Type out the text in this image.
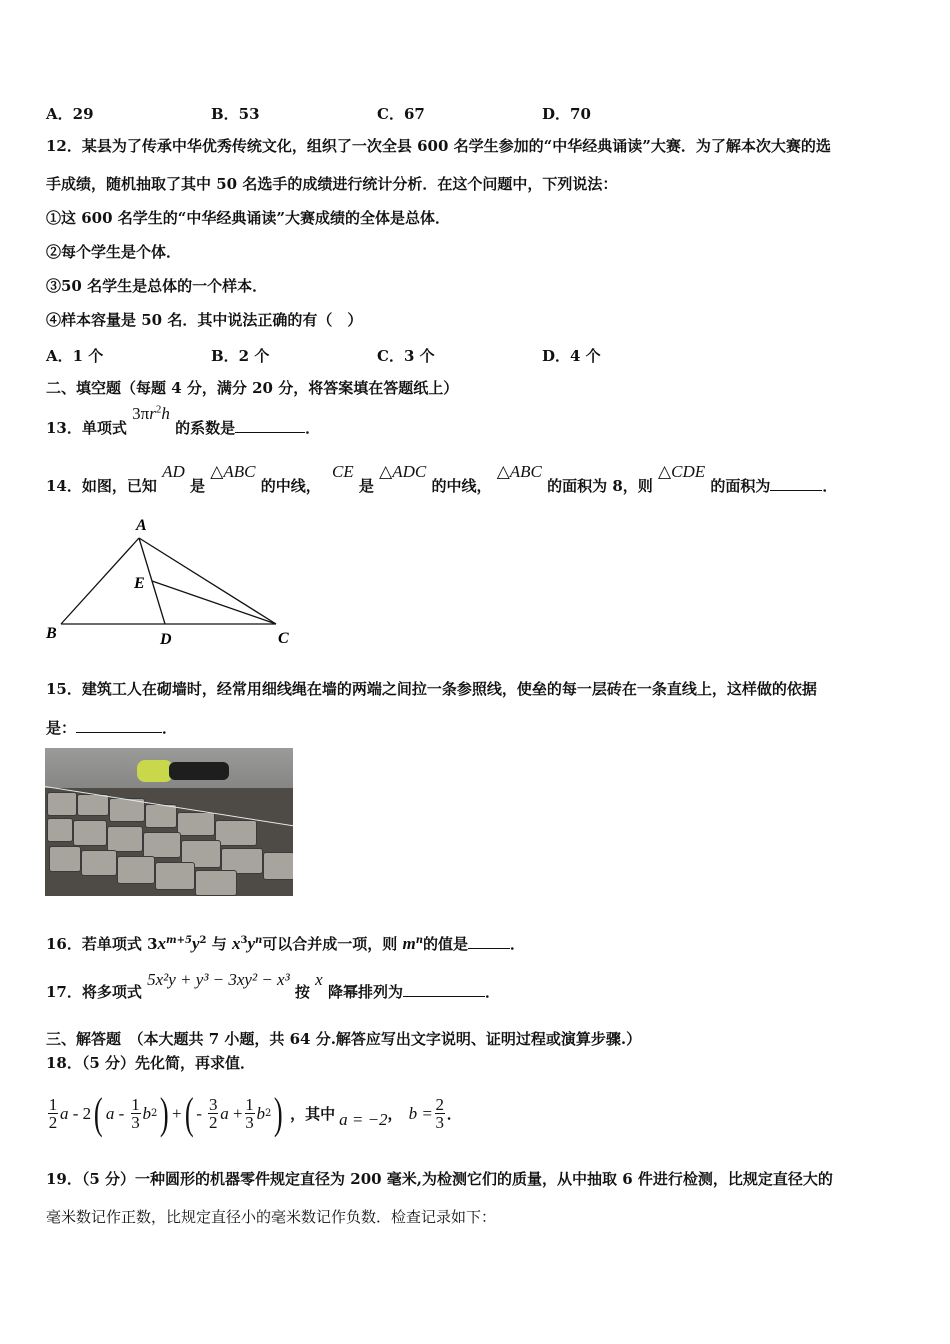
A．29	B．53	C．67	D．70
12．某县为了传承中华优秀传统文化，组织了一次全县 600 名学生参加的“中华经典诵读”大赛．为了解本次大赛的选
手成绩，随机抽取了其中 50 名选手的成绩进行统计分析．在这个问题中，下列说法：
①这 600 名学生的“中华经典诵读”大赛成绩的全体是总体．
②每个学生是个体．
③50 名学生是总体的一个样本．
④样本容量是 50 名．其中说法正确的有（　）
A．1 个	B．2 个	C．3 个	D．4 个
二、填空题（每题 4 分，满分 20 分，将答案填在答题纸上）
13．单项式 $3\pi r^2h$ 的系数是	．
14．如图，已知 AD 是 △ABC 的中线， CE 是 △ADC 的中线， △ABC 的面积为 8，则 △CDE 的面积为	．
A
B	C
D
E
15．建筑工人在砌墙时，经常用细线绳在墙的两端之间拉一条参照线，使垒的每一层砖在一条直线上，这样做的依据
是：	．
16．若单项式 $3x^{m+5}y^2$ 与 $x^3y^n$可以合并成一项，则 $m^n$的值是	．
17．将多项式 5x²y + y³ − 3xy² − x³ 按 x 降幂排列为	．
三、解答题　（本大题共 7 小题，共 64 分.解答应写出文字说明、证明过程或演算步骤.）
18．（5 分）先化简，再求值．
$\frac{1}{2}$ a - 2 ( a - $\frac{1}{3}$ b 2 ) + ( - $\frac{3}{2}$ $a + \frac{1}{3}$ b 2 ) ，其中 a = −2 ， $b = \frac{2}{3}$ ．
19．（5 分）一种圆形的机器零件规定直径为 200 毫米,为检测它们的质量，从中抽取 6 件进行检测，比规定直径大的
毫米数记作正数，比规定直径小的毫米数记作负数．检查记录如下：
